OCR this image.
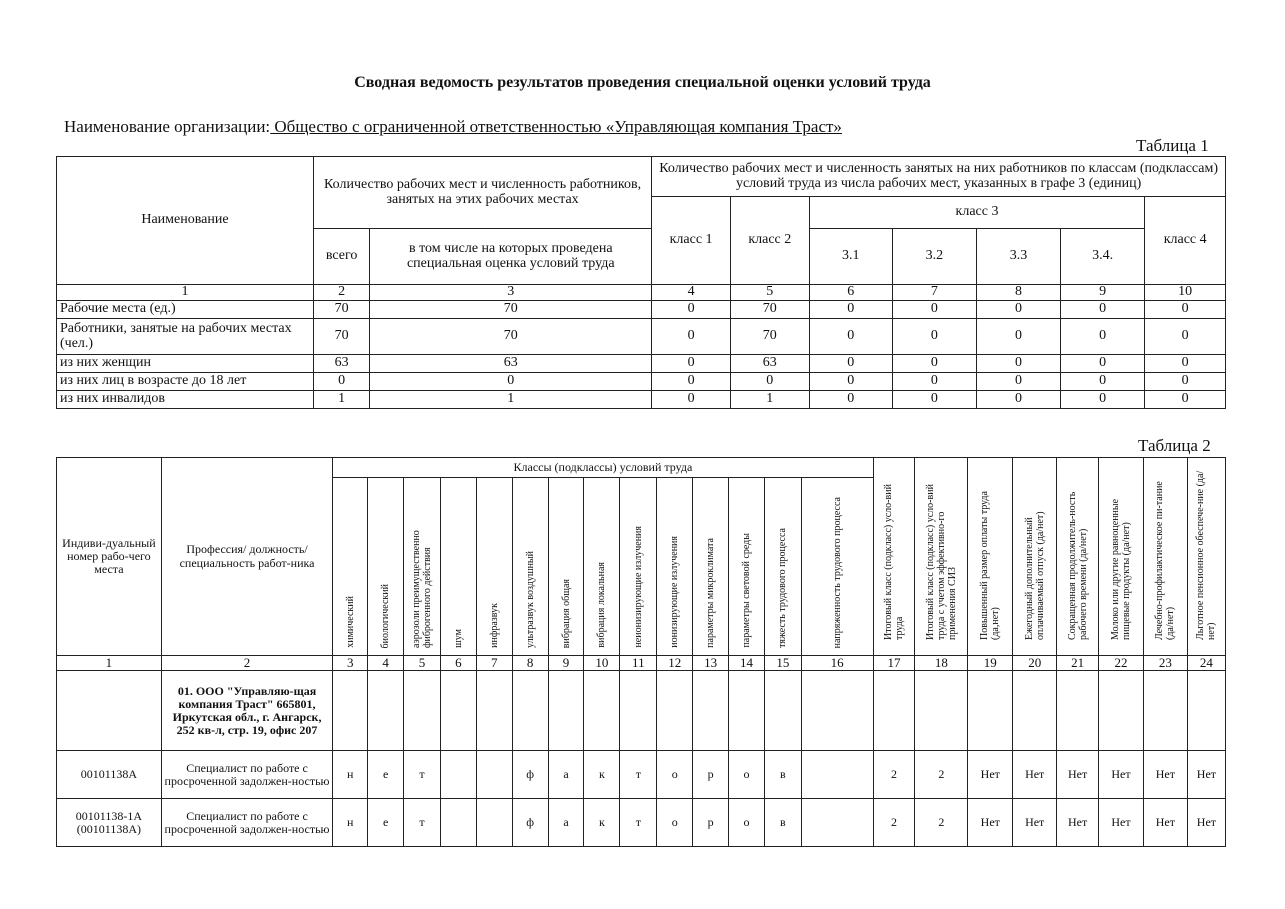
Сводная ведомость результатов проведения специальной оценки условий труда
Наименование организации: Общество с ограниченной ответственностью «Управляющая компания Траст»
Таблица 1
Наименование	Количество рабочих мест и численность работников, занятых на этих рабочих местах		Количество рабочих мест и численность занятых на них работников по классам (подклассам) условий труда из числа рабочих мест, указанных в графе 3 (единиц)						
			класс 1	класс 2	класс 3				класс 4
	всего	в том числе на которых проведена специальная оценка условий труда			3.1	3.2	3.3	3.4.	
1	2	3	4	5	6	7	8	9	10
Рабочие места (ед.)	70	70	0	70	0	0	0	0	0
Работники, занятые на рабочих местах (чел.)	70	70	0	70	0	0	0	0	0
из них женщин	63	63	0	63	0	0	0	0	0
из них лиц в возрасте до 18 лет	0	0	0	0	0	0	0	0	0
из них инвалидов	1	1	0	1	0	0	0	0	0
Таблица 2
Индиви-дуальный номер рабо-чего места	Профессия/ должность/ специальность работ-ника	Классы (подклассы) условий труда														Итоговый класс (подкласс) усло-вий труда	Итоговый класс (подкласс) усло-вий труда с учетом эффективно-го применения СИЗ	Повышенный размер оплаты труда (да,нет)	Ежегодный дополнительный оплачиваемый отпуск (да/нет)	Сокращенная продолжитель-ность рабочего времени (да/нет)	Молоко или другие равноценные пищевые продукты (да/нет)	Лечебно-профилактическое пи-тание (да/нет)	Льготное пенсионное обеспече-ние (да/нет)
		химический	биологический	аэрозоли преимущественно фиброгенного действия	шум	инфразвук	ультразвук воздушный	вибрация общая	вибрация локальная	неионизирующие излучения	ионизирующие излучения	параметры микроклимата	параметры световой среды	тяжесть трудового процесса	напряженность трудового процесса								
1	2	3	4	5	6	7	8	9	10	11	12	13	14	15	16	17	18	19	20	21	22	23	24
	01. ООО "Управляю-щая компания Траст" 665801, Иркутская обл., г. Ангарск, 252 кв-л, стр. 19, офис 207																						
00101138А	Специалист по работе с просроченной задолжен-ностью	н	е	т			ф	а	к	т	о	р	о	в		2	2	Нет	Нет	Нет	Нет	Нет	Нет
00101138-1А (00101138А)	Специалист по работе с просроченной задолжен-ностью	н	е	т			ф	а	к	т	о	р	о	в		2	2	Нет	Нет	Нет	Нет	Нет	Нет
